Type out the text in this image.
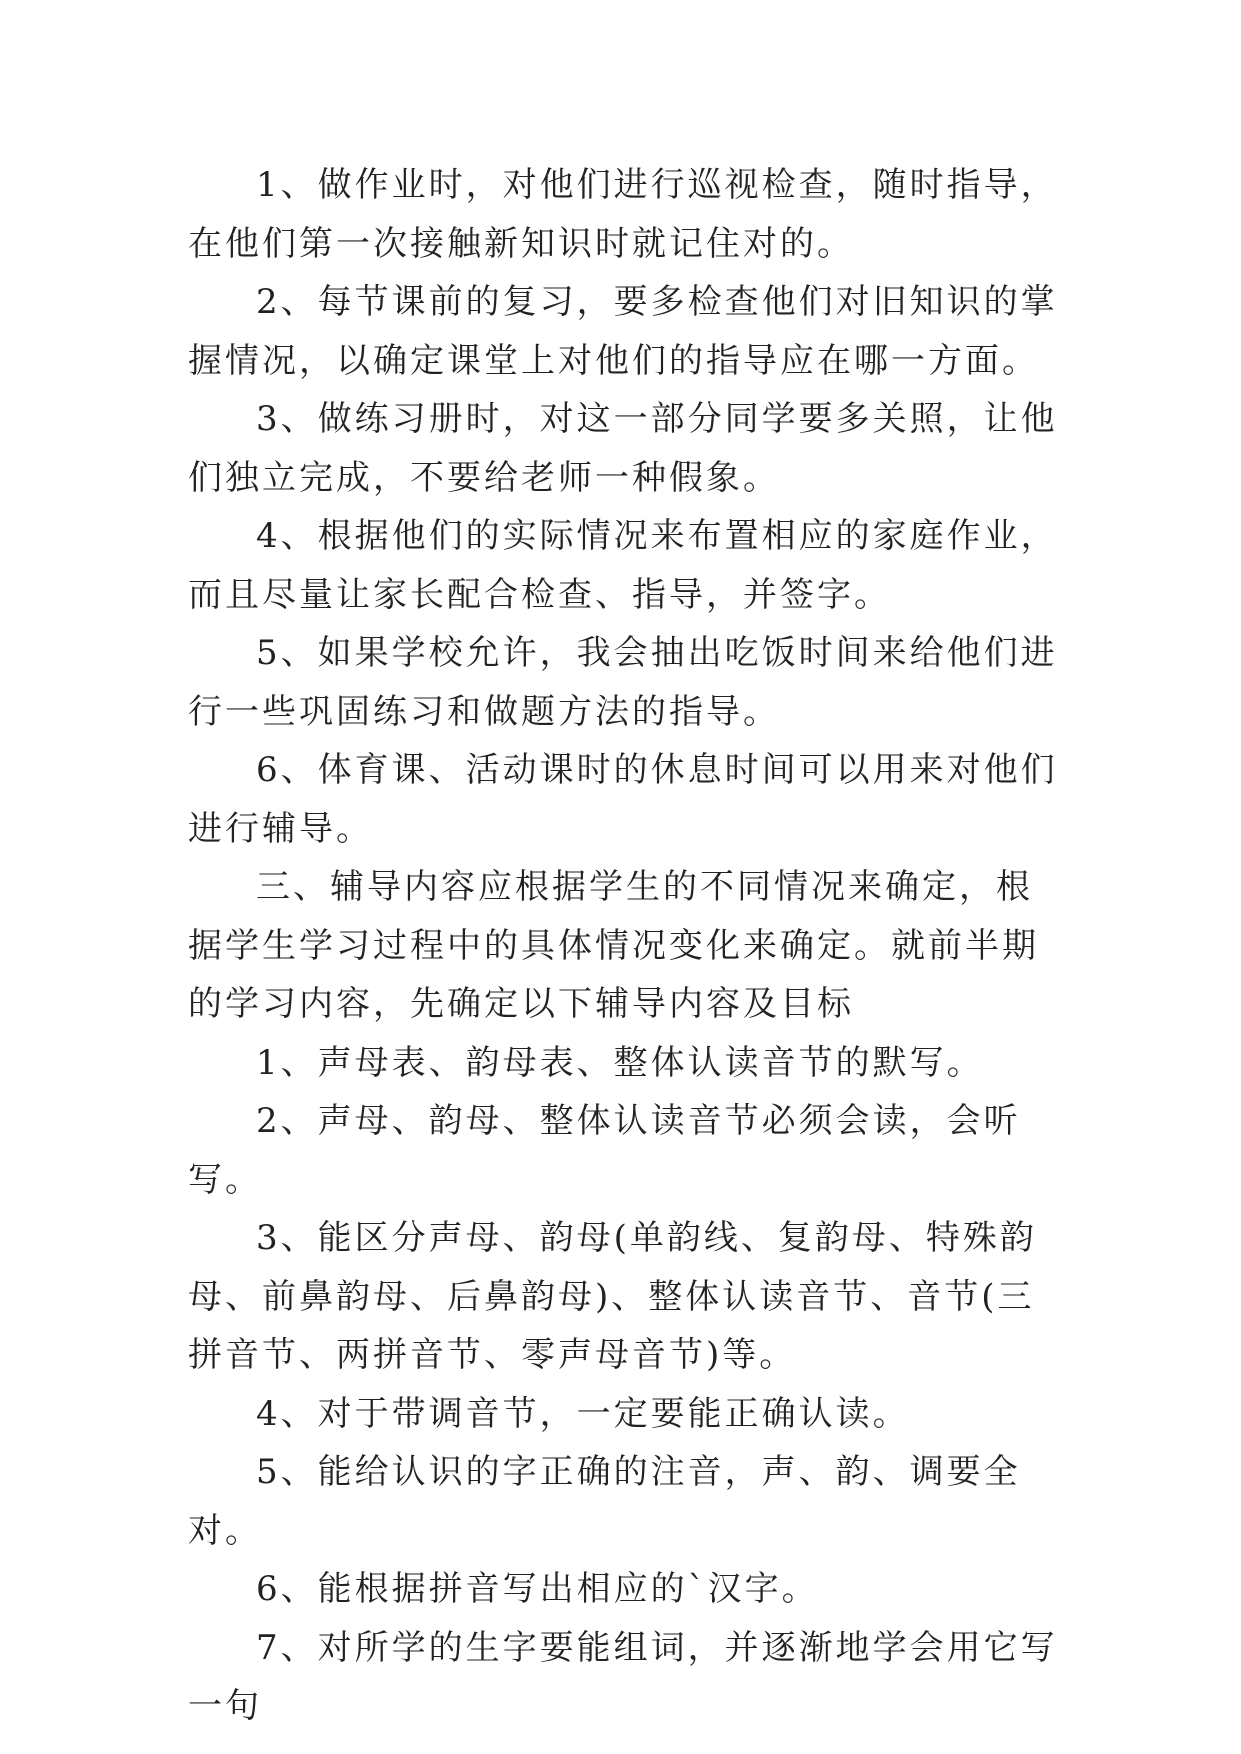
1、做作业时，对他们进行巡视检查，随时指导，在他们第一次接触新知识时就记住对的。

2、每节课前的复习，要多检查他们对旧知识的掌握情况，以确定课堂上对他们的指导应在哪一方面。

3、做练习册时，对这一部分同学要多关照，让他们独立完成，不要给老师一种假象。

4、根据他们的实际情况来布置相应的家庭作业，而且尽量让家长配合检查、指导，并签字。

5、如果学校允许，我会抽出吃饭时间来给他们进行一些巩固练习和做题方法的指导。

6、体育课、活动课时的休息时间可以用来对他们进行辅导。

三、辅导内容应根据学生的不同情况来确定，根据学生学习过程中的具体情况变化来确定。就前半期的学习内容，先确定以下辅导内容及目标

1、声母表、韵母表、整体认读音节的默写。

2、声母、韵母、整体认读音节必须会读，会听写。

3、能区分声母、韵母(单韵线、复韵母、特殊韵母、前鼻韵母、后鼻韵母)、整体认读音节、音节(三拼音节、两拼音节、零声母音节)等。

4、对于带调音节，一定要能正确认读。

5、能给认识的字正确的注音，声、韵、调要全对。

6、能根据拼音写出相应的`汉字。

7、对所学的生字要能组词，并逐渐地学会用它写一句
